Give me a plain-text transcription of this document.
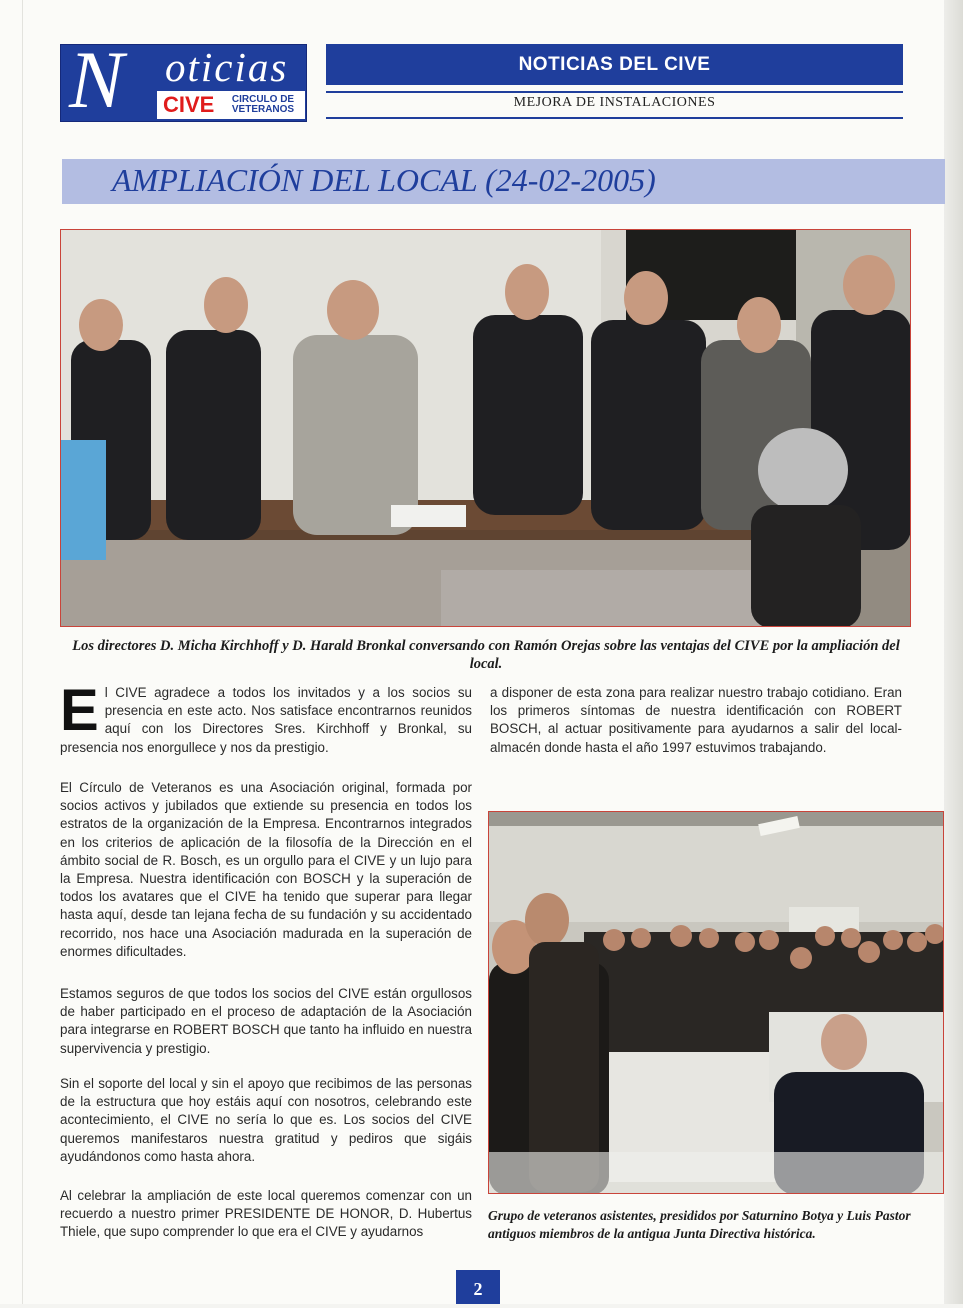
N oticias
CIVE	CIRCULO DE
VETERANOS
NOTICIAS DEL CIVE
MEJORA DE INSTALACIONES
AMPLIACIÓN DEL LOCAL (24-02-2005)

Los directores D. Micha Kirchhoff y D. Harald Bronkal conversando con Ramón Orejas sobre las ventajas del CIVE por la ampliación del local.

El CIVE agradece a todos los invitados y a los socios su presencia en este acto. Nos satisface encontrarnos reunidos aquí con los Directores Sres. Kirchhoff y Bronkal, su presencia nos enorgullece y nos da prestigio.

El Círculo de Veteranos es una Asociación original, formada por socios activos y jubilados que extiende su presencia en todos los estratos de la organización de la Empresa. Encontrarnos integrados en los criterios de aplicación de la filosofía de la Dirección en el ámbito social de R. Bosch, es un orgullo para el CIVE y un lujo para la Empresa. Nuestra identificación con BOSCH y la superación de todos los avatares que el CIVE ha tenido que superar para llegar hasta aquí, desde tan lejana fecha de su fundación y su accidentado recorrido, nos hace una Asociación madurada en la superación de enormes dificultades.

Estamos seguros de que todos los socios del CIVE están orgullosos de haber participado en el proceso de adaptación de la Asociación para integrarse en ROBERT BOSCH que tanto ha influido en nuestra supervivencia y prestigio.

Sin el soporte del local y sin el apoyo que recibimos de las personas de la estructura que hoy estáis aquí con nosotros, celebrando este acontecimiento, el CIVE no sería lo que es. Los socios del CIVE queremos manifestaros nuestra gratitud y pediros que sigáis ayudándonos como hasta ahora.

Al celebrar la ampliación de este local queremos comenzar con un recuerdo a nuestro primer PRESIDENTE DE HONOR, D. Hubertus Thiele, que supo comprender lo que era el CIVE y ayudarnos

a disponer de esta zona para realizar nuestro trabajo cotidiano. Eran los primeros síntomas de nuestra identificación con ROBERT BOSCH, al actuar positivamente para ayudarnos a salir del local-almacén donde hasta el año 1997 estuvimos trabajando.

Grupo de veteranos asistentes, presididos por Saturnino Botya y Luis Pastor antiguos miembros de la antigua Junta Directiva histórica.

2
